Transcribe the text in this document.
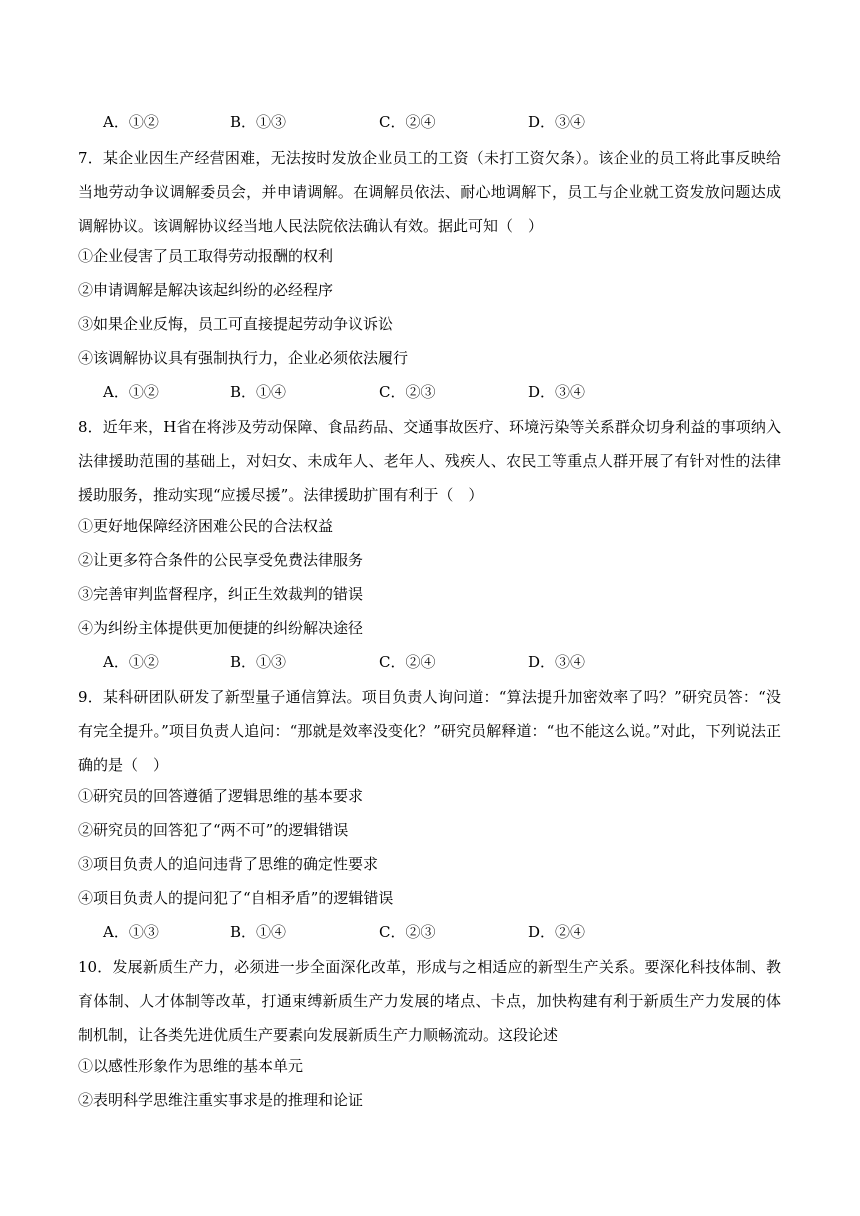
A．①②	B．①③	C．②④	D．③④
7．某企业因生产经营困难，无法按时发放企业员工的工资（未打工资欠条）。该企业的员工将此事反映给当地劳动争议调解委员会，并申请调解。在调解员依法、耐心地调解下，员工与企业就工资发放问题达成调解协议。该调解协议经当地人民法院依法确认有效。据此可知（　）
①企业侵害了员工取得劳动报酬的权利
②申请调解是解决该起纠纷的必经程序
③如果企业反悔，员工可直接提起劳动争议诉讼
④该调解协议具有强制执行力，企业必须依法履行
A．①②	B．①④	C．②③	D．③④
8．近年来，H省在将涉及劳动保障、食品药品、交通事故医疗、环境污染等关系群众切身利益的事项纳入法律援助范围的基础上，对妇女、未成年人、老年人、残疾人、农民工等重点人群开展了有针对性的法律援助服务，推动实现“应援尽援”。法律援助扩围有利于（　）
①更好地保障经济困难公民的合法权益
②让更多符合条件的公民享受免费法律服务
③完善审判监督程序，纠正生效裁判的错误
④为纠纷主体提供更加便捷的纠纷解决途径
A．①②	B．①③	C．②④	D．③④
9．某科研团队研发了新型量子通信算法。项目负责人询问道：“算法提升加密效率了吗？”研究员答：“没有完全提升。”项目负责人追问：“那就是效率没变化？”研究员解释道：“也不能这么说。”对此，下列说法正确的是（　）
①研究员的回答遵循了逻辑思维的基本要求
②研究员的回答犯了“两不可”的逻辑错误
③项目负责人的追问违背了思维的确定性要求
④项目负责人的提问犯了“自相矛盾”的逻辑错误
A．①③	B．①④	C．②③	D．②④
10．发展新质生产力，必须进一步全面深化改革，形成与之相适应的新型生产关系。要深化科技体制、教育体制、人才体制等改革，打通束缚新质生产力发展的堵点、卡点，加快构建有利于新质生产力发展的体制机制，让各类先进优质生产要素向发展新质生产力顺畅流动。这段论述
①以感性形象作为思维的基本单元
②表明科学思维注重实事求是的推理和论证
